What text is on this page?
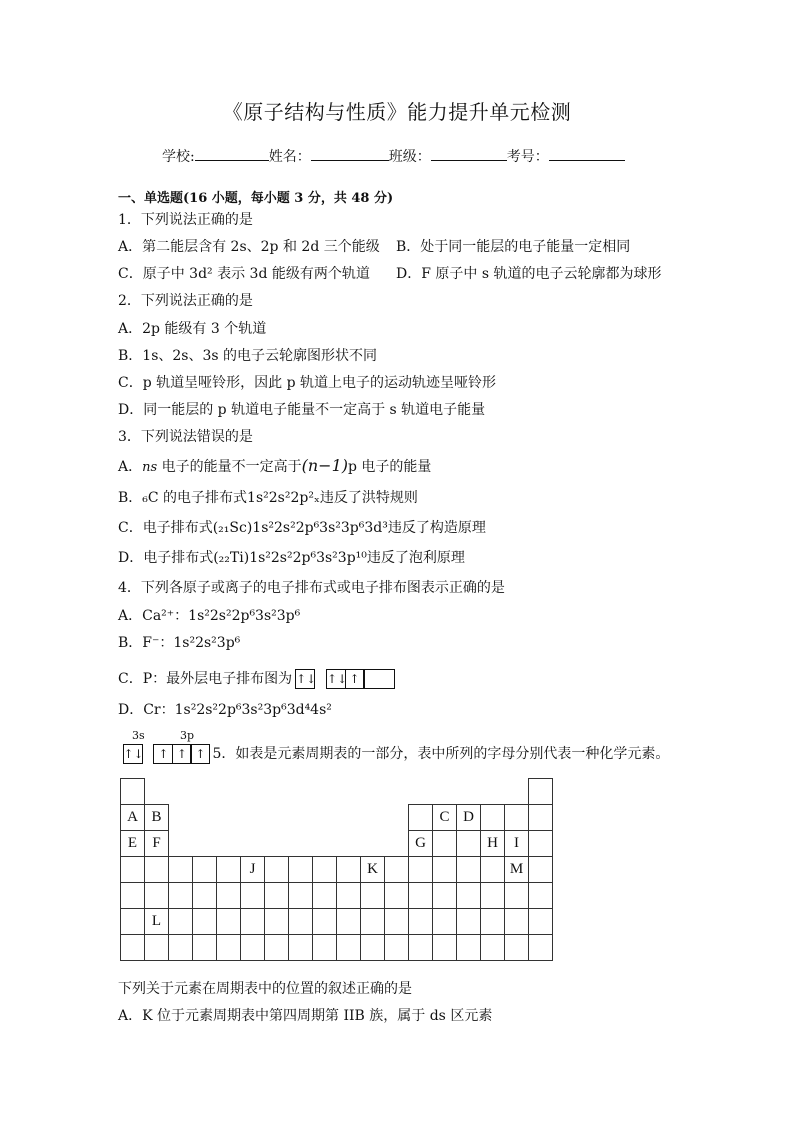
《原子结构与性质》能力提升单元检测
学校:	姓名：	班级：	考号：
一、单选题(16 小题，每小题 3 分，共 48 分)
1．下列说法正确的是
A．第二能层含有 2s、2p 和 2d 三个能级 B．处于同一能层的电子能量一定相同
C．原子中 3d² 表示 3d 能级有两个轨道 D．F 原子中 s 轨道的电子云轮廓都为球形
2．下列说法正确的是
A．2p 能级有 3 个轨道
B．1s、2s、3s 的电子云轮廓图形状不同
C．p 轨道呈哑铃形，因此 p 轨道上电子的运动轨迹呈哑铃形
D．同一能层的 p 轨道电子能量不一定高于 s 轨道电子能量
3．下列说法错误的是
A．ns 电子的能量不一定高于(n−1)p 电子的能量
B．₆C 的电子排布式1s²2s²2p²ₓ违反了洪特规则
C．电子排布式(₂₁Sc)1s²2s²2p⁶3s²3p⁶3d³违反了构造原理
D．电子排布式(₂₂Ti)1s²2s²2p⁶3s²3p¹⁰违反了泡利原理
4．下列各原子或离子的电子排布式或电子排布图表示正确的是
A．Ca²⁺：1s²2s²2p⁶3s²3p⁶
B．F⁻：1s²2s²3p⁶
C．P：最外层电子排布图为 ↑↓ ↑↓ ↑
D．Cr：1s²2s²2p⁶3s²3p⁶3d⁴4s²
3s	3p
↑↓ ↑ ↑ ↑ 5．如表是元素周期表的一部分，表中所列的字母分别代表一种化学元素。

A	B												C	D			
E	F											G			H	I	
					J					K						M	

	L																

下列关于元素在周期表中的位置的叙述正确的是
A．K 位于元素周期表中第四周期第 IIB 族，属于 ds 区元素
